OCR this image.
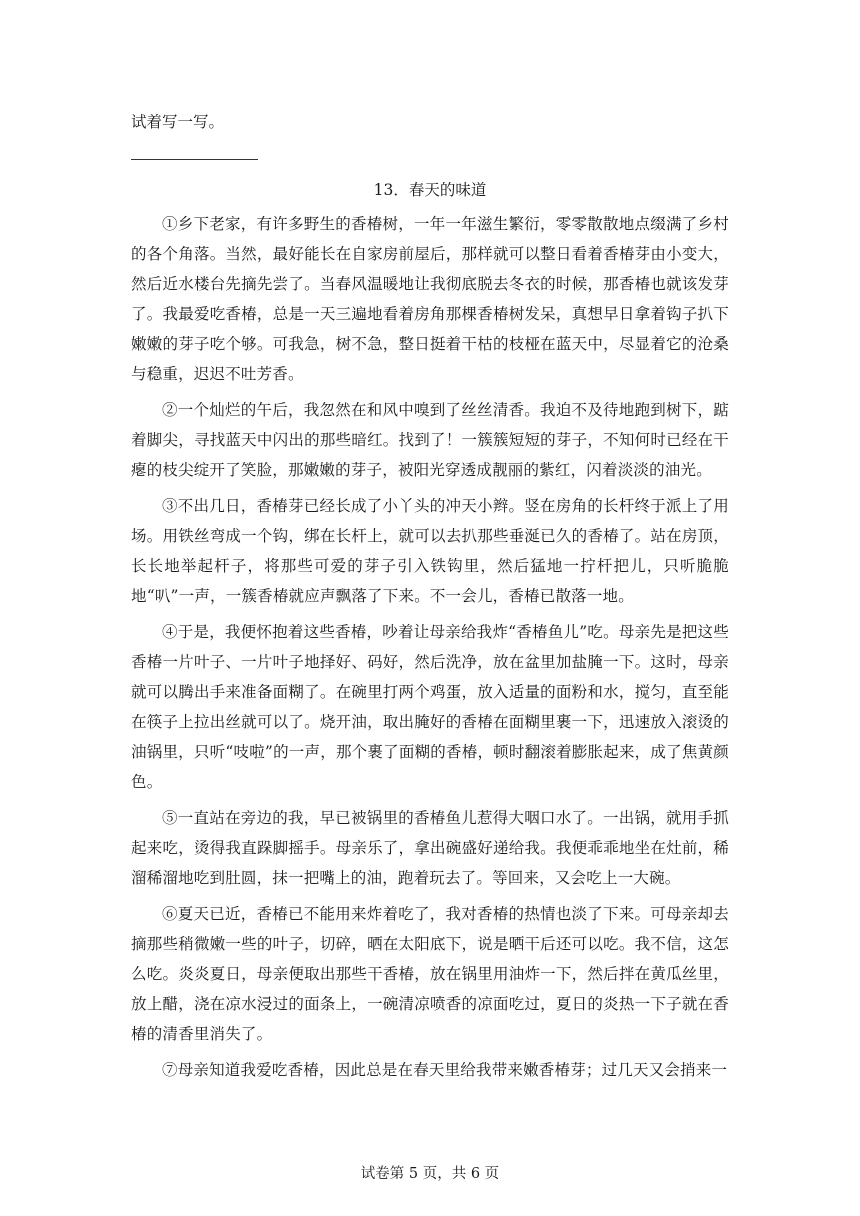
试着写一写。
13．春天的味道

①乡下老家，有许多野生的香椿树，一年一年滋生繁衍，零零散散地点缀满了乡村的各个角落。当然，最好能长在自家房前屋后，那样就可以整日看着香椿芽由小变大，然后近水楼台先摘先尝了。当春风温暖地让我彻底脱去冬衣的时候，那香椿也就该发芽了。我最爱吃香椿，总是一天三遍地看着房角那棵香椿树发呆，真想早日拿着钩子扒下嫩嫩的芽子吃个够。可我急，树不急，整日挺着干枯的枝桠在蓝天中，尽显着它的沧桑与稳重，迟迟不吐芳香。

②一个灿烂的午后，我忽然在和风中嗅到了丝丝清香。我迫不及待地跑到树下，踮着脚尖，寻找蓝天中闪出的那些暗红。找到了！一簇簇短短的芽子，不知何时已经在干瘪的枝尖绽开了笑脸，那嫩嫩的芽子，被阳光穿透成靓丽的紫红，闪着淡淡的油光。

③不出几日，香椿芽已经长成了小丫头的冲天小辫。竖在房角的长杆终于派上了用场。用铁丝弯成一个钩，绑在长杆上，就可以去扒那些垂涎已久的香椿了。站在房顶，长长地举起杆子，将那些可爱的芽子引入铁钩里，然后猛地一拧杆把儿，只听脆脆地“叭”一声，一簇香椿就应声飘落了下来。不一会儿，香椿已散落一地。

④于是，我便怀抱着这些香椿，吵着让母亲给我炸“香椿鱼儿”吃。母亲先是把这些香椿一片叶子、一片叶子地择好、码好，然后洗净，放在盆里加盐腌一下。这时，母亲就可以腾出手来准备面糊了。在碗里打两个鸡蛋，放入适量的面粉和水，搅匀，直至能在筷子上拉出丝就可以了。烧开油，取出腌好的香椿在面糊里裹一下，迅速放入滚烫的油锅里，只听“吱啦”的一声，那个裹了面糊的香椿，顿时翻滚着膨胀起来，成了焦黄颜色。

⑤一直站在旁边的我，早已被锅里的香椿鱼儿惹得大咽口水了。一出锅，就用手抓起来吃，烫得我直跺脚摇手。母亲乐了，拿出碗盛好递给我。我便乖乖地坐在灶前，稀溜稀溜地吃到肚圆，抹一把嘴上的油，跑着玩去了。等回来，又会吃上一大碗。

⑥夏天已近，香椿已不能用来炸着吃了，我对香椿的热情也淡了下来。可母亲却去摘那些稍微嫩一些的叶子，切碎，晒在太阳底下，说是晒干后还可以吃。我不信，这怎么吃。炎炎夏日，母亲便取出那些干香椿，放在锅里用油炸一下，然后拌在黄瓜丝里，放上醋，浇在凉水浸过的面条上，一碗清凉喷香的凉面吃过，夏日的炎热一下子就在香椿的清香里消失了。

⑦母亲知道我爱吃香椿，因此总是在春天里给我带来嫩香椿芽；过几天又会捎来一

试卷第 5 页，共 6 页
